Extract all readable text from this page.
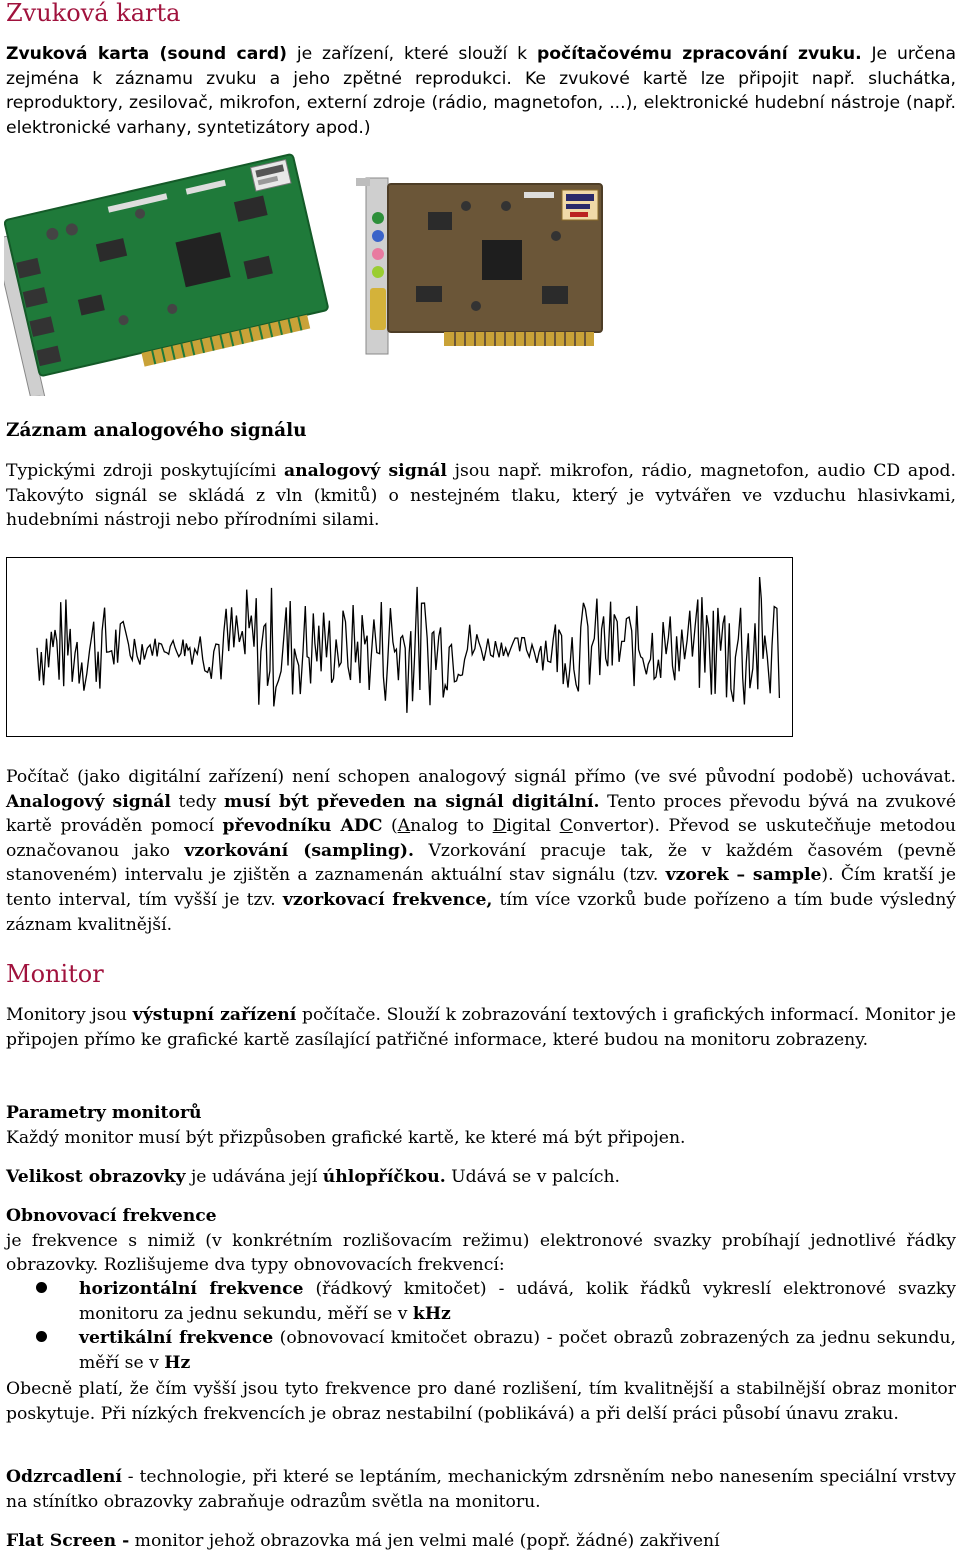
Zvuková karta

Zvuková karta (sound card) je zařízení, které slouží k počítačovému zpracování zvuku. Je určena zejména k záznamu zvuku a jeho zpětné reprodukci. Ke zvukové kartě lze připojit např. sluchátka, reproduktory, zesilovač, mikrofon, externí zdroje (rádio, magnetofon, ...), elektronické hudební nástroje (např. elektronické varhany, syntetizátory apod.)

Záznam analogového signálu

Typickými zdroji poskytujícími analogový signál jsou např. mikrofon, rádio, magnetofon, audio CD apod. Takovýto signál se skládá z vln (kmitů) o nestejném tlaku, který je vytvářen ve vzduchu hlasivkami, hudebními nástroji nebo přírodními silami.

Počítač (jako digitální zařízení) není schopen analogový signál přímo (ve své původní podobě) uchovávat. Analogový signál tedy musí být převeden na signál digitální. Tento proces převodu bývá na zvukové kartě prováděn pomocí převodníku ADC (Analog to Digital Convertor). Převod se uskutečňuje metodou označovanou jako vzorkování (sampling). Vzorkování pracuje tak, že v každém časovém (pevně stanoveném) intervalu je zjištěn a zaznamenán aktuální stav signálu (tzv. vzorek – sample). Čím kratší je tento interval, tím vyšší je tzv. vzorkovací frekvence, tím více vzorků bude pořízeno a tím bude výsledný záznam kvalitnější.

Monitor

Monitory jsou výstupní zařízení počítače. Slouží k zobrazování textových i grafických informací. Monitor je připojen přímo ke grafické kartě zasílající patřičné informace, které budou na monitoru zobrazeny.

Parametry monitorů
Každý monitor musí být přizpůsoben grafické kartě, ke které má být připojen.

Velikost obrazovky je udávána její úhlopříčkou. Udává se v palcích.

Obnovovací frekvence
je frekvence s nimiž (v konkrétním rozlišovacím režimu) elektronové svazky probíhají jednotlivé řádky obrazovky. Rozlišujeme dva typy obnovovacích frekvencí:

horizontální frekvence (řádkový kmitočet) - udává, kolik řádků vykreslí elektronové svazky monitoru za jednu sekundu, měří se v kHz
vertikální frekvence (obnovovací kmitočet obrazu) - počet obrazů zobrazených za jednu sekundu, měří se v Hz

Obecně platí, že čím vyšší jsou tyto frekvence pro dané rozlišení, tím kvalitnější a stabilnější obraz monitor poskytuje. Při nízkých frekvencích je obraz nestabilní (poblikává) a při delší práci působí únavu zraku.

Odzrcadlení - technologie, při které se leptáním, mechanickým zdrsněním nebo nanesením speciální vrstvy na stínítko obrazovky zabraňuje odrazům světla na monitoru.

Flat Screen - monitor jehož obrazovka má jen velmi malé (popř. žádné) zakřivení
